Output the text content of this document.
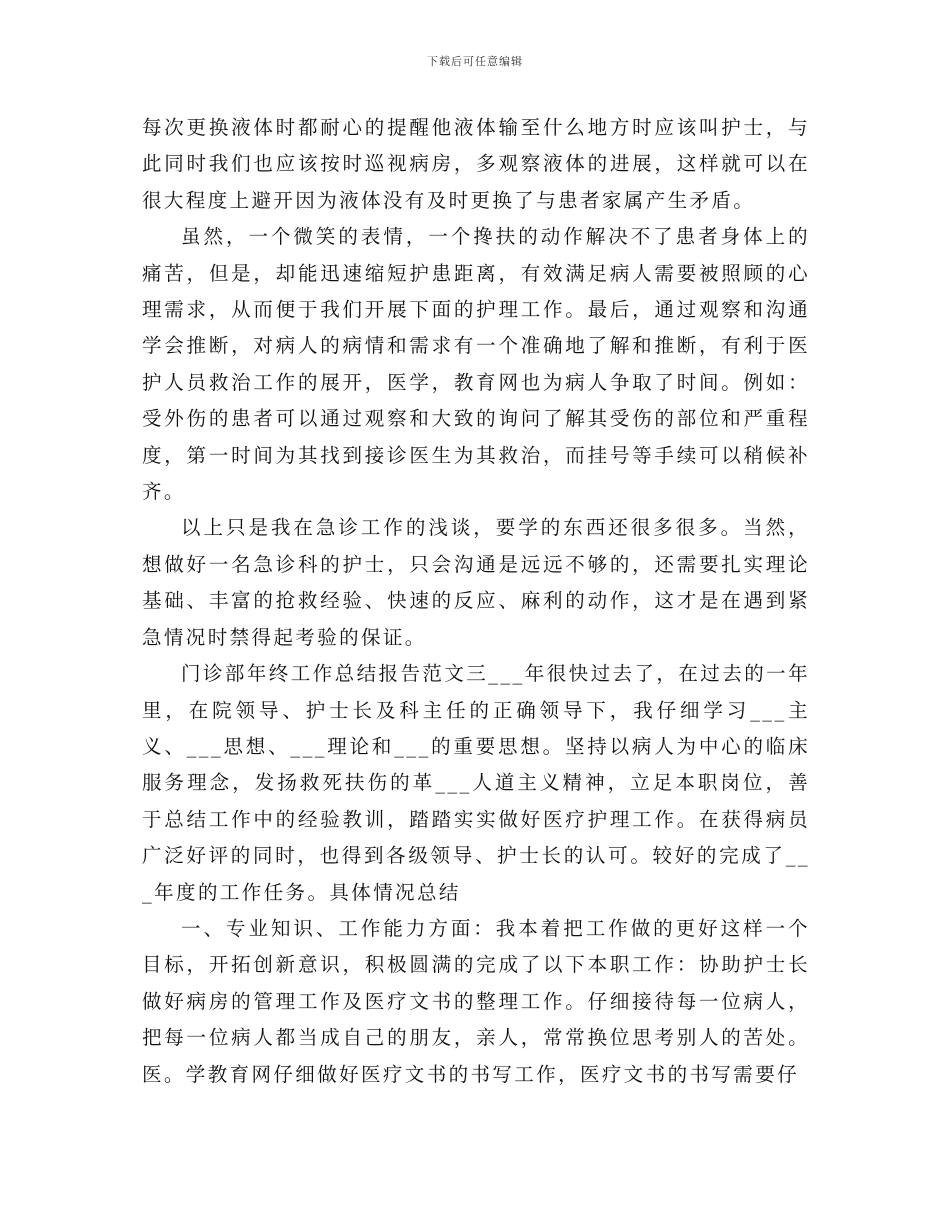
下载后可任意编辑

每次更换液体时都耐心的提醒他液体输至什么地方时应该叫护士，与此同时我们也应该按时巡视病房，多观察液体的进展，这样就可以在很大程度上避开因为液体没有及时更换了与患者家属产生矛盾。

虽然，一个微笑的表情，一个搀扶的动作解决不了患者身体上的痛苦，但是，却能迅速缩短护患距离，有效满足病人需要被照顾的心理需求，从而便于我们开展下面的护理工作。最后，通过观察和沟通学会推断，对病人的病情和需求有一个准确地了解和推断，有利于医护人员救治工作的展开，医学，教育网也为病人争取了时间。例如：受外伤的患者可以通过观察和大致的询问了解其受伤的部位和严重程度，第一时间为其找到接诊医生为其救治，而挂号等手续可以稍候补齐。

以上只是我在急诊工作的浅谈，要学的东西还很多很多。当然，想做好一名急诊科的护士，只会沟通是远远不够的，还需要扎实理论基础、丰富的抢救经验、快速的反应、麻利的动作，这才是在遇到紧急情况时禁得起考验的保证。

门诊部年终工作总结报告范文三___年很快过去了，在过去的一年里，在院领导、护士长及科主任的正确领导下，我仔细学习___主义、___思想、___理论和___的重要思想。坚持以病人为中心的临床服务理念，发扬救死扶伤的革___人道主义精神，立足本职岗位，善于总结工作中的经验教训，踏踏实实做好医疗护理工作。在获得病员广泛好评的同时，也得到各级领导、护士长的认可。较好的完成了___年度的工作任务。具体情况总结

一、专业知识、工作能力方面：我本着把工作做的更好这样一个目标，开拓创新意识，积极圆满的完成了以下本职工作：协助护士长做好病房的管理工作及医疗文书的整理工作。仔细接待每一位病人，把每一位病人都当成自己的朋友，亲人，常常换位思考别人的苦处。医。学教育网仔细做好医疗文书的书写工作，医疗文书的书写需要仔
